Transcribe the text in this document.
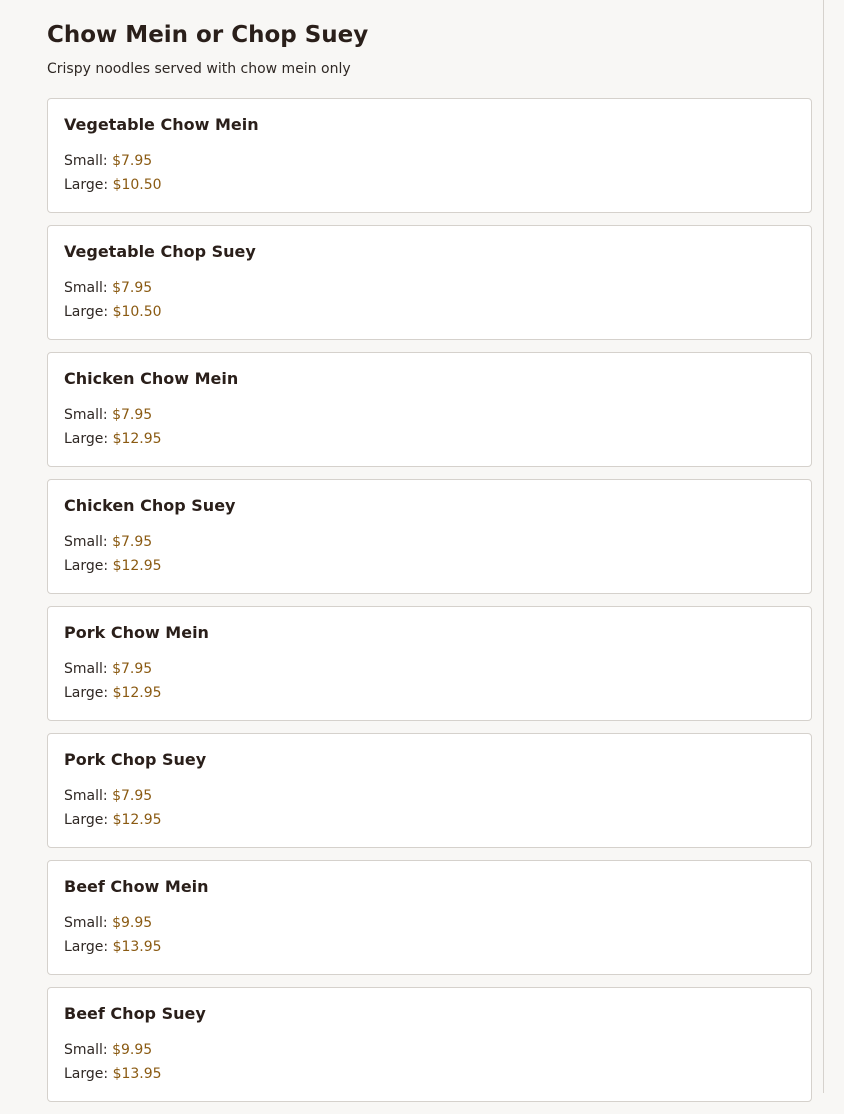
Chow Mein or Chop Suey

Crispy noodles served with chow mein only

Vegetable Chow Mein
Small: $7.95
Large: $10.50
Vegetable Chop Suey
Small: $7.95
Large: $10.50
Chicken Chow Mein
Small: $7.95
Large: $12.95
Chicken Chop Suey
Small: $7.95
Large: $12.95
Pork Chow Mein
Small: $7.95
Large: $12.95
Pork Chop Suey
Small: $7.95
Large: $12.95
Beef Chow Mein
Small: $9.95
Large: $13.95
Beef Chop Suey
Small: $9.95
Large: $13.95
